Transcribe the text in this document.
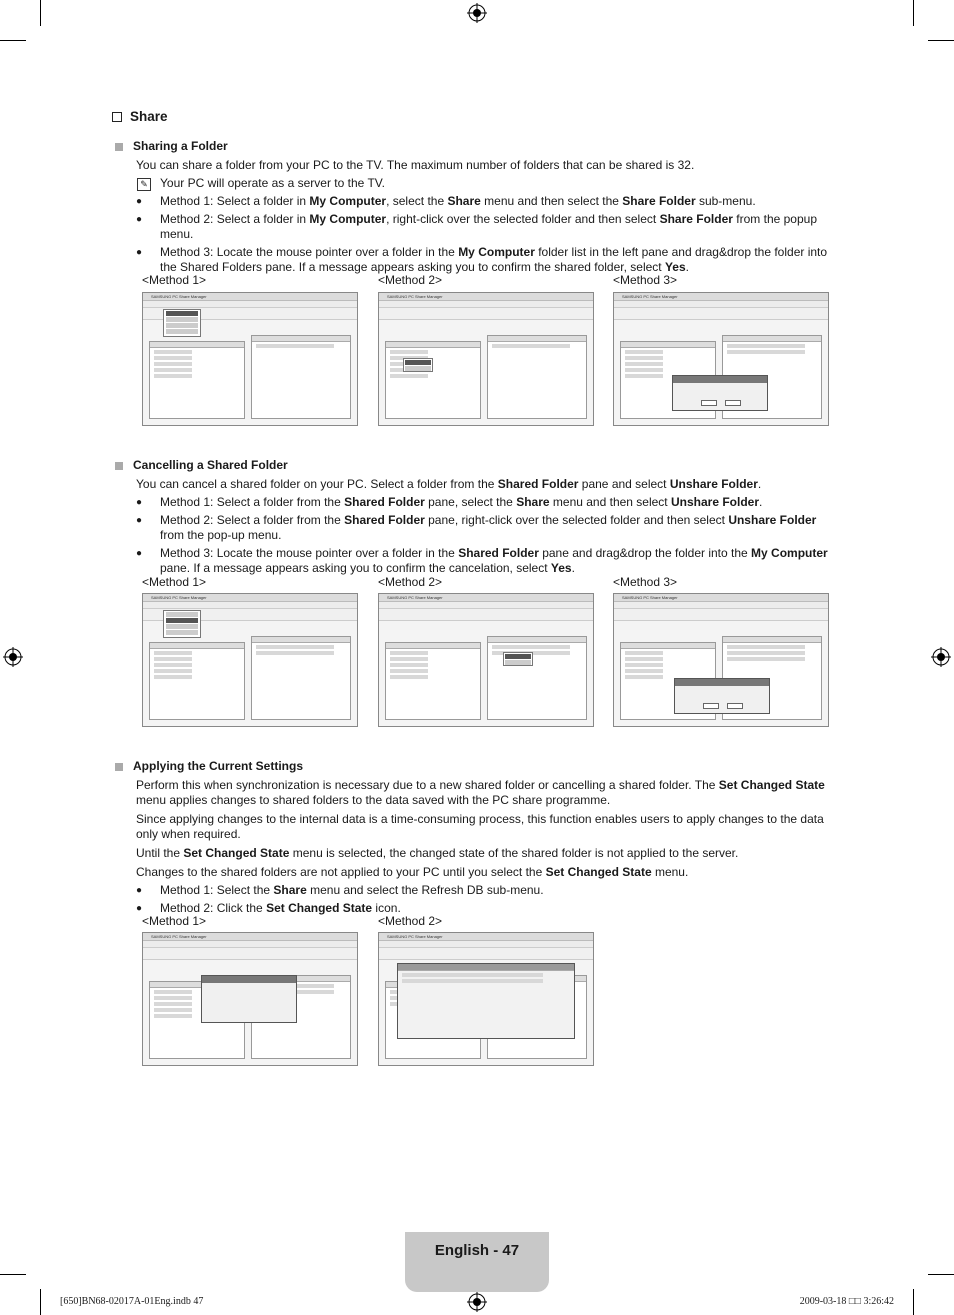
Share
Sharing a Folder
You can share a folder from your PC to the TV. The maximum number of folders that can be shared is 32.
✎	Your PC will operate as a server to the TV.
●	Method 1: Select a folder in My Computer, select the Share menu and then select the Share Folder sub-menu.
●	Method 2: Select a folder in My Computer, right-click over the selected folder and then select Share Folder from the popup menu.
●	Method 3: Locate the mouse pointer over a folder in the My Computer folder list in the left pane and drag&drop the folder into the Shared Folders pane. If a message appears asking you to confirm the shared folder, select Yes.
<Method 1>	<Method 2>	<Method 3>
SAMSUNG PC Share Manager	SAMSUNG PC Share Manager	SAMSUNG PC Share Manager
Cancelling a Shared Folder
You can cancel a shared folder on your PC. Select a folder from the Shared Folder pane and select Unshare Folder.
●	Method 1: Select a folder from the Shared Folder pane, select the Share menu and then select Unshare Folder.
●	Method 2: Select a folder from the Shared Folder pane, right-click over the selected folder and then select Unshare Folder from the pop-up menu.
●	Method 3: Locate the mouse pointer over a folder in the Shared Folder pane and drag&drop the folder into the My Computer pane. If a message appears asking you to confirm the cancelation, select Yes.
<Method 1>	<Method 2>	<Method 3>
SAMSUNG PC Share Manager	SAMSUNG PC Share Manager	SAMSUNG PC Share Manager
Applying the Current Settings
Perform this when synchronization is necessary due to a new shared folder or cancelling a shared folder. The Set Changed State menu applies changes to shared folders to the data saved with the PC share programme.
Since applying changes to the internal data is a time-consuming process, this function enables users to apply changes to the data only when required.
Until the Set Changed State menu is selected, the changed state of the shared folder is not applied to the server.
Changes to the shared folders are not applied to your PC until you select the Set Changed State menu.
●	Method 1: Select the Share menu and select the Refresh DB sub-menu.
●	Method 2: Click the Set Changed State icon.
<Method 1>	<Method 2>
SAMSUNG PC Share Manager	SAMSUNG PC Share Manager
English - 47
[650]BN68-02017A-01Eng.indb 47	2009-03-18 □□ 3:26:42
